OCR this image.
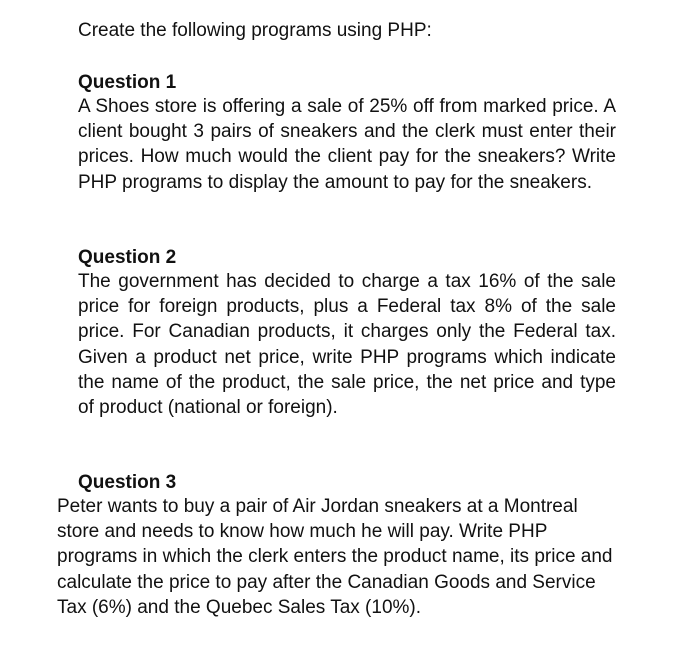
Create the following programs using PHP:
Question 1
A Shoes store is offering a sale of 25% off from marked price. A client bought 3 pairs of sneakers and the clerk must enter their prices. How much would the client pay for the sneakers? Write PHP programs to display the amount to pay for the sneakers.
Question 2
The government has decided to charge a tax 16% of the sale price for foreign products, plus a Federal tax 8% of the sale price. For Canadian products, it charges only the Federal tax. Given a product net price, write PHP programs which indicate the name of the product, the sale price, the net price and type of product (national or foreign).
Question 3
Peter wants to buy a pair of Air Jordan sneakers at a Montreal store and needs to know how much he will pay. Write PHP programs in which the clerk enters the product name, its price and calculate the price to pay after the Canadian Goods and Service Tax (6%) and the Quebec Sales Tax (10%).
